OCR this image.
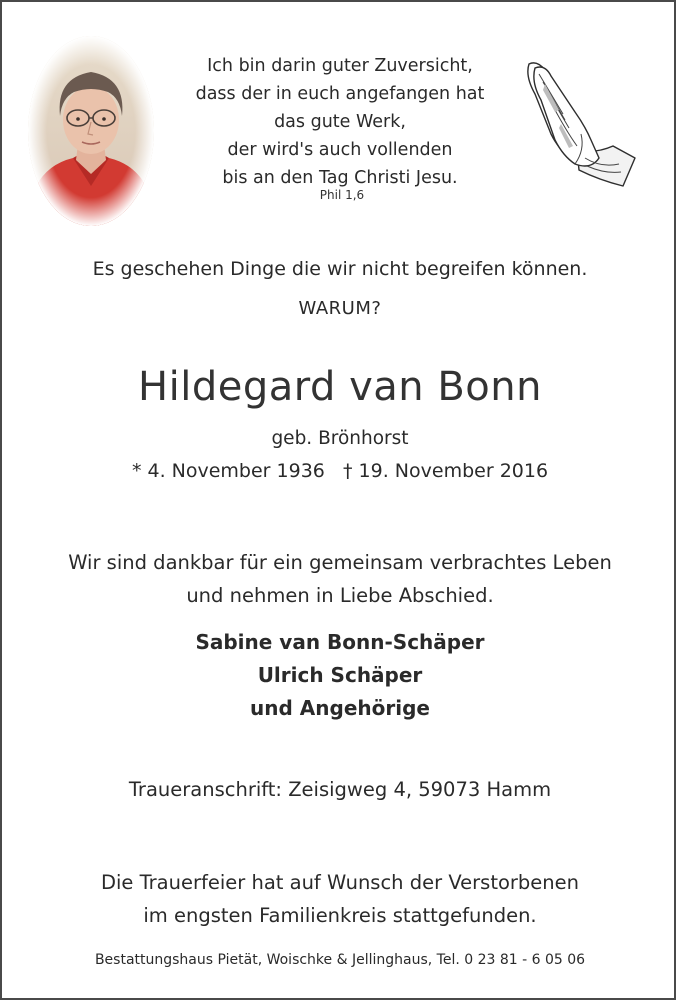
Ich bin darin guter Zuversicht,
dass der in euch angefangen hat
das gute Werk,
der wird's auch vollenden
bis an den Tag Christi Jesu.
Phil 1,6
Es geschehen Dinge die wir nicht begreifen können.
WARUM?
Hildegard van Bonn
geb. Brönhorst
* 4. November 1936 † 19. November 2016
Wir sind dankbar für ein gemeinsam verbrachtes Leben
und nehmen in Liebe Abschied.
Sabine van Bonn-Schäper
Ulrich Schäper
und Angehörige
Traueranschrift: Zeisigweg 4, 59073 Hamm
Die Trauerfeier hat auf Wunsch der Verstorbenen
im engsten Familienkreis stattgefunden.
Bestattungshaus Pietät, Woischke & Jellinghaus, Tel. 0 23 81 - 6 05 06
